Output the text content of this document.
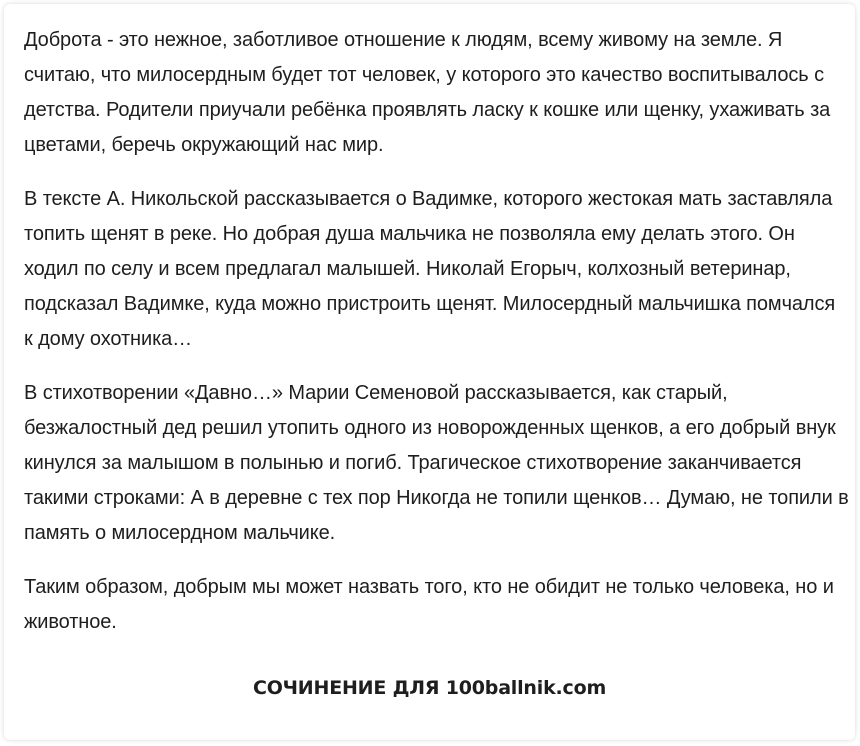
Доброта - это нежное, заботливое отношение к людям, всему живому на земле. Я считаю, что милосердным будет тот человек, у которого это качество воспитывалось с детства. Родители приучали ребёнка проявлять ласку к кошке или щенку, ухаживать за цветами, беречь окружающий нас мир.

В тексте А. Никольской рассказывается о Вадимке, которого жестокая мать заставляла топить щенят в реке. Но добрая душа мальчика не позволяла ему делать этого. Он ходил по селу и всем предлагал малышей. Николай Егорыч, колхозный ветеринар, подсказал Вадимке, куда можно пристроить щенят. Милосердный мальчишка помчался к дому охотника…

В стихотворении «Давно…» Марии Семеновой рассказывается, как старый, безжалостный дед решил утопить одного из новорожденных щенков, а его добрый внук кинулся за малышом в полынью и погиб. Трагическое стихотворение заканчивается такими строками: А в деревне с тех пор Никогда не топили щенков… Думаю, не топили в память о милосердном мальчике.

Таким образом, добрым мы может назвать того, кто не обидит не только человека, но и животное.

СОЧИНЕНИЕ ДЛЯ 100ballnik.com
